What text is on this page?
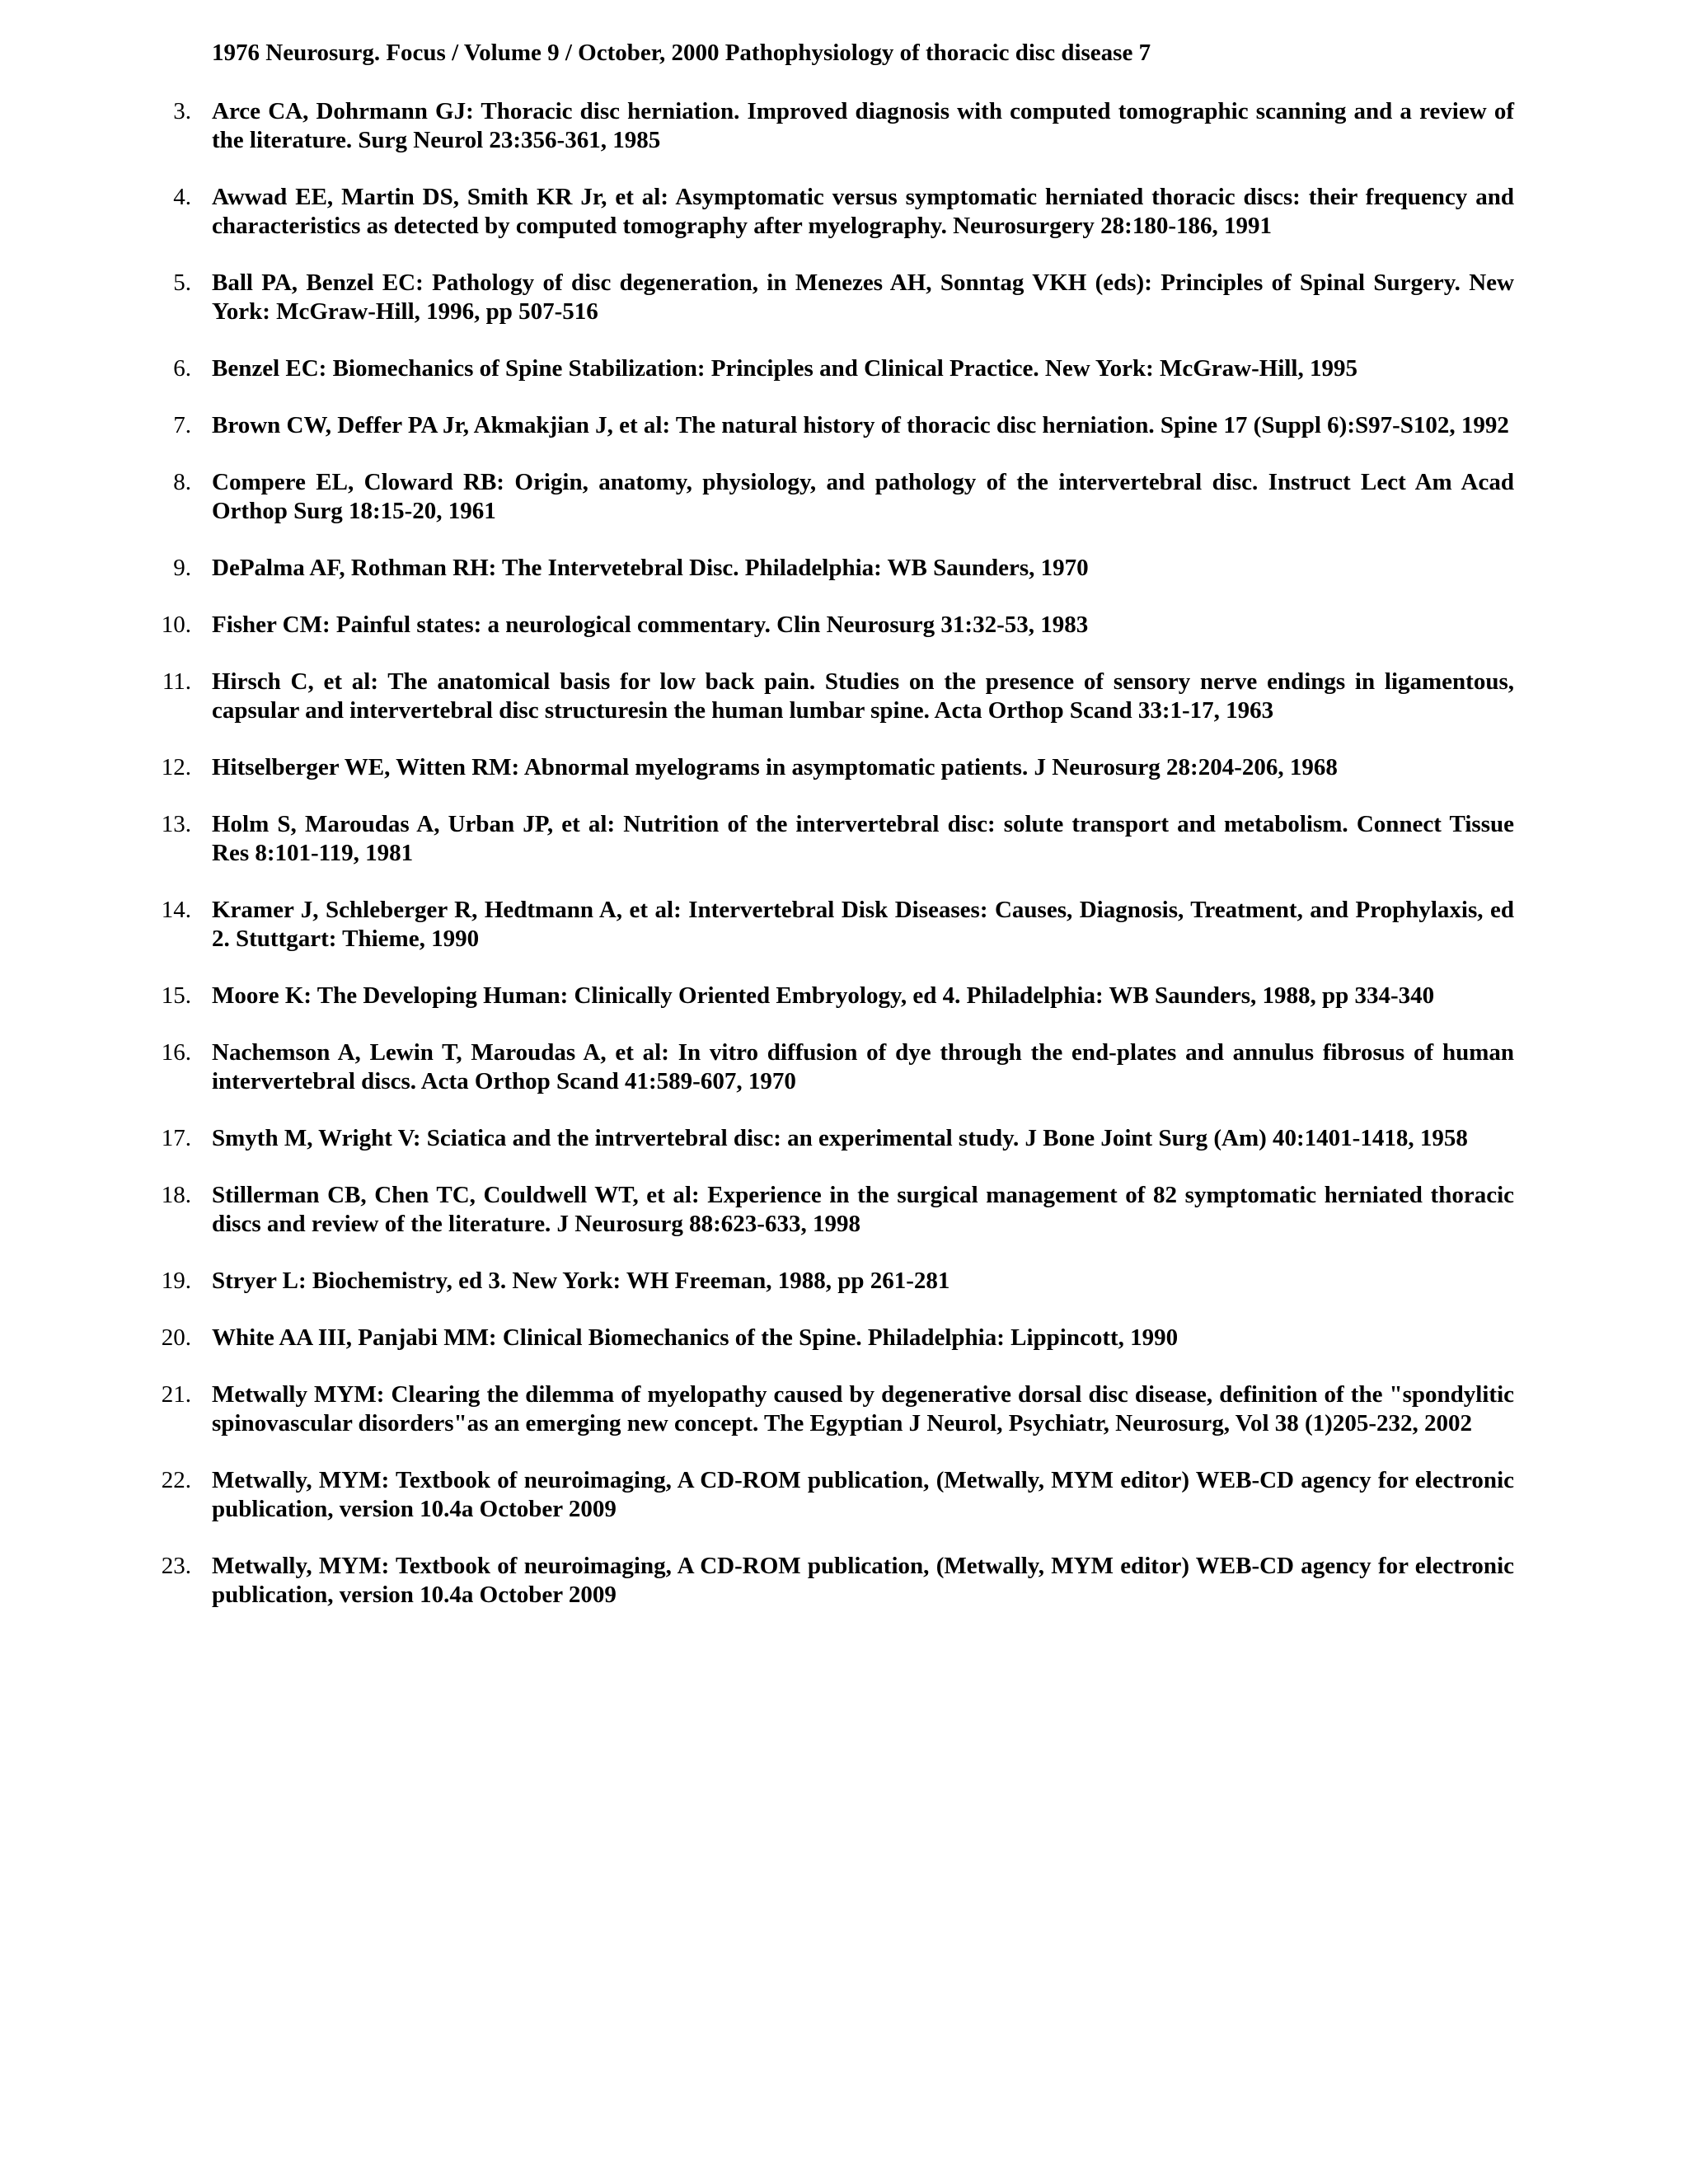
1976 Neurosurg. Focus / Volume 9 / October, 2000 Pathophysiology of thoracic disc disease 7
3. Arce CA, Dohrmann GJ: Thoracic disc herniation. Improved diagnosis with computed tomographic scanning and a review of the literature. Surg Neurol 23:356-361, 1985
4. Awwad EE, Martin DS, Smith KR Jr, et al: Asymptomatic versus symptomatic herniated thoracic discs: their frequency and characteristics as detected by computed tomography after myelography. Neurosurgery 28:180-186, 1991
5. Ball PA, Benzel EC: Pathology of disc degeneration, in Menezes AH, Sonntag VKH (eds): Principles of Spinal Surgery. New York: McGraw-Hill, 1996, pp 507-516
6. Benzel EC: Biomechanics of Spine Stabilization: Principles and Clinical Practice. New York: McGraw-Hill, 1995
7. Brown CW, Deffer PA Jr, Akmakjian J, et al: The natural history of thoracic disc herniation. Spine 17 (Suppl 6):S97-S102, 1992
8. Compere EL, Cloward RB: Origin, anatomy, physiology, and pathology of the intervertebral disc. Instruct Lect Am Acad Orthop Surg 18:15-20, 1961
9. DePalma AF, Rothman RH: The Intervetebral Disc. Philadelphia: WB Saunders, 1970
10. Fisher CM: Painful states: a neurological commentary. Clin Neurosurg 31:32-53, 1983
11. Hirsch C, et al: The anatomical basis for low back pain. Studies on the presence of sensory nerve endings in ligamentous, capsular and intervertebral disc structuresin the human lumbar spine. Acta Orthop Scand 33:1-17, 1963
12. Hitselberger WE, Witten RM: Abnormal myelograms in asymptomatic patients. J Neurosurg 28:204-206, 1968
13. Holm S, Maroudas A, Urban JP, et al: Nutrition of the intervertebral disc: solute transport and metabolism. Connect Tissue Res 8:101-119, 1981
14. Kramer J, Schleberger R, Hedtmann A, et al: Intervertebral Disk Diseases: Causes, Diagnosis, Treatment, and Prophylaxis, ed 2. Stuttgart: Thieme, 1990
15. Moore K: The Developing Human: Clinically Oriented Embryology, ed 4. Philadelphia: WB Saunders, 1988, pp 334-340
16. Nachemson A, Lewin T, Maroudas A, et al: In vitro diffusion of dye through the end-plates and annulus fibrosus of human intervertebral discs. Acta Orthop Scand 41:589-607, 1970
17. Smyth M, Wright V: Sciatica and the intrvertebral disc: an experimental study. J Bone Joint Surg (Am) 40:1401-1418, 1958
18. Stillerman CB, Chen TC, Couldwell WT, et al: Experience in the surgical management of 82 symptomatic herniated thoracic discs and review of the literature. J Neurosurg 88:623-633, 1998
19. Stryer L: Biochemistry, ed 3. New York: WH Freeman, 1988, pp 261-281
20. White AA III, Panjabi MM: Clinical Biomechanics of the Spine. Philadelphia: Lippincott, 1990
21. Metwally MYM: Clearing the dilemma of myelopathy caused by degenerative dorsal disc disease, definition of the "spondylitic spinovascular disorders"as an emerging new concept. The Egyptian J Neurol, Psychiatr, Neurosurg, Vol 38 (1)205-232, 2002
22. Metwally, MYM: Textbook of neuroimaging, A CD-ROM publication, (Metwally, MYM editor) WEB-CD agency for electronic publication, version 10.4a October 2009
23. Metwally, MYM: Textbook of neuroimaging, A CD-ROM publication, (Metwally, MYM editor) WEB-CD agency for electronic publication, version 10.4a October 2009
